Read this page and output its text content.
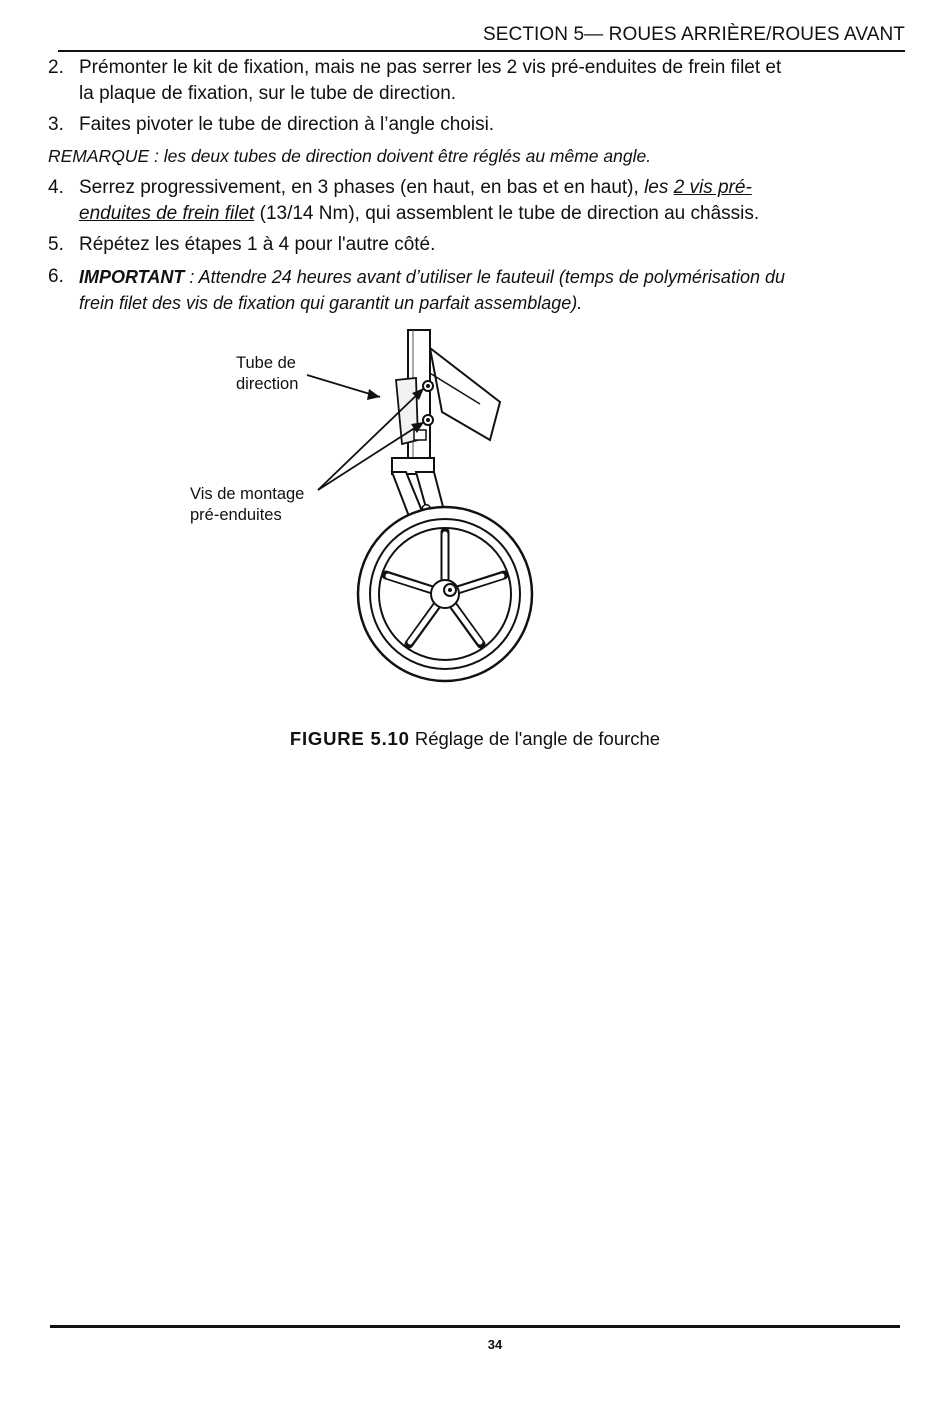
SECTION 5— ROUES ARRIÈRE/ROUES AVANT
2. Prémonter le kit de fixation, mais ne pas serrer les 2 vis pré-enduites de frein filet et
la plaque de fixation, sur le tube de direction.
3. Faites pivoter le tube de direction à l’angle choisi.
REMARQUE : les deux tubes de direction doivent être réglés au même angle.
4. Serrez progressivement, en 3 phases (en haut, en bas et en haut), les 2 vis pré-
enduites de frein filet (13/14 Nm), qui assemblent le tube de direction au châssis.
5. Répétez les étapes 1 à 4 pour l'autre côté.
6. IMPORTANT : Attendre 24 heures avant d’utiliser le fauteuil (temps de polymérisation du
frein filet des vis de fixation qui garantit un parfait assemblage).
Tube de
direction
Vis de montage
pré-enduites
FIGURE 5.10 Réglage de l'angle de fourche
34
